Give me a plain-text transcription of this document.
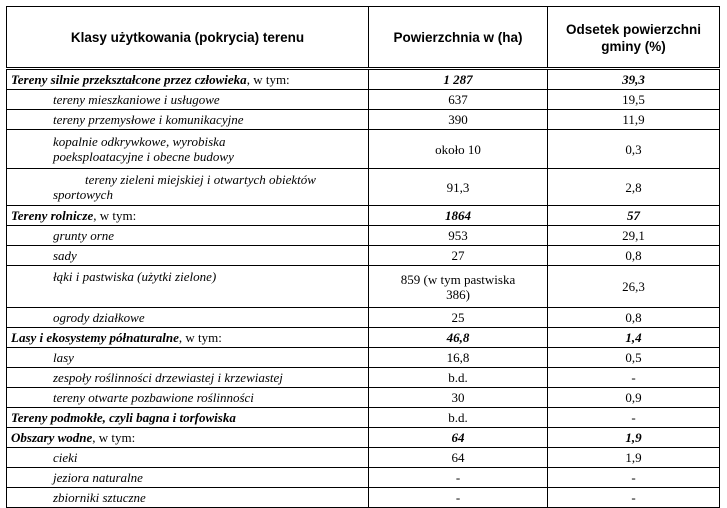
Klasy użytkowania (pokrycia) terenu	Powierzchnia w (ha)	Odsetek powierzchni
gminy (%)

Tereny silnie przekształcone przez człowieka, w tym:	1 287	39,3
tereny mieszkaniowe i usługowe	637	19,5
tereny przemysłowe i komunikacyjne	390	11,9

kopalnie odkrywkowe, wyrobiska
poeksploatacyjne i obecne budowy	około 10	0,3

tereny zieleni miejskiej i otwartych obiektów
sportowych	91,3	2,8
Tereny rolnicze, w tym:	1864	57
grunty orne	953	29,1
sady	27	0,8
łąki i pastwiska (użytki zielone)	859 (w tym pastwiska
386)	26,3
ogrody działkowe	25	0,8
Lasy i ekosystemy półnaturalne, w tym:	46,8	1,4
lasy	16,8	0,5
zespoły roślinności drzewiastej i krzewiastej	b.d.	-
tereny otwarte pozbawione roślinności	30	0,9
Tereny podmokłe, czyli bagna i torfowiska	b.d.	-
Obszary wodne, w tym:	64	1,9
cieki	64	1,9
jeziora naturalne	-	-
zbiorniki sztuczne	-	-
